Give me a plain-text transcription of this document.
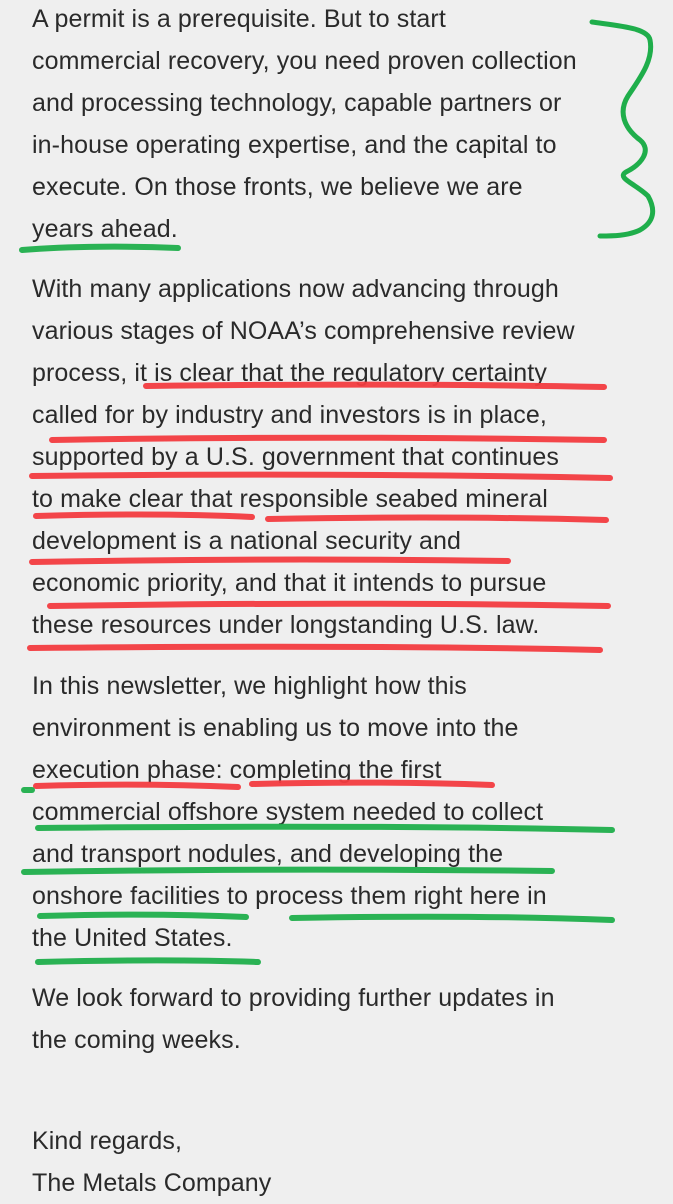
A permit is a prerequisite. But to start
commercial recovery, you need proven collection
and processing technology, capable partners or
in-house operating expertise, and the capital to
execute. On those fronts, we believe we are
years ahead.

With many applications now advancing through
various stages of NOAA’s comprehensive review
process, it is clear that the regulatory certainty
called for by industry and investors is in place,
supported by a U.S. government that continues
to make clear that responsible seabed mineral
development is a national security and
economic priority, and that it intends to pursue
these resources under longstanding U.S. law.

In this newsletter, we highlight how this
environment is enabling us to move into the
execution phase: completing the first
commercial offshore system needed to collect
and transport nodules, and developing the
onshore facilities to process them right here in
the United States.

We look forward to providing further updates in
the coming weeks.

Kind regards,
The Metals Company
